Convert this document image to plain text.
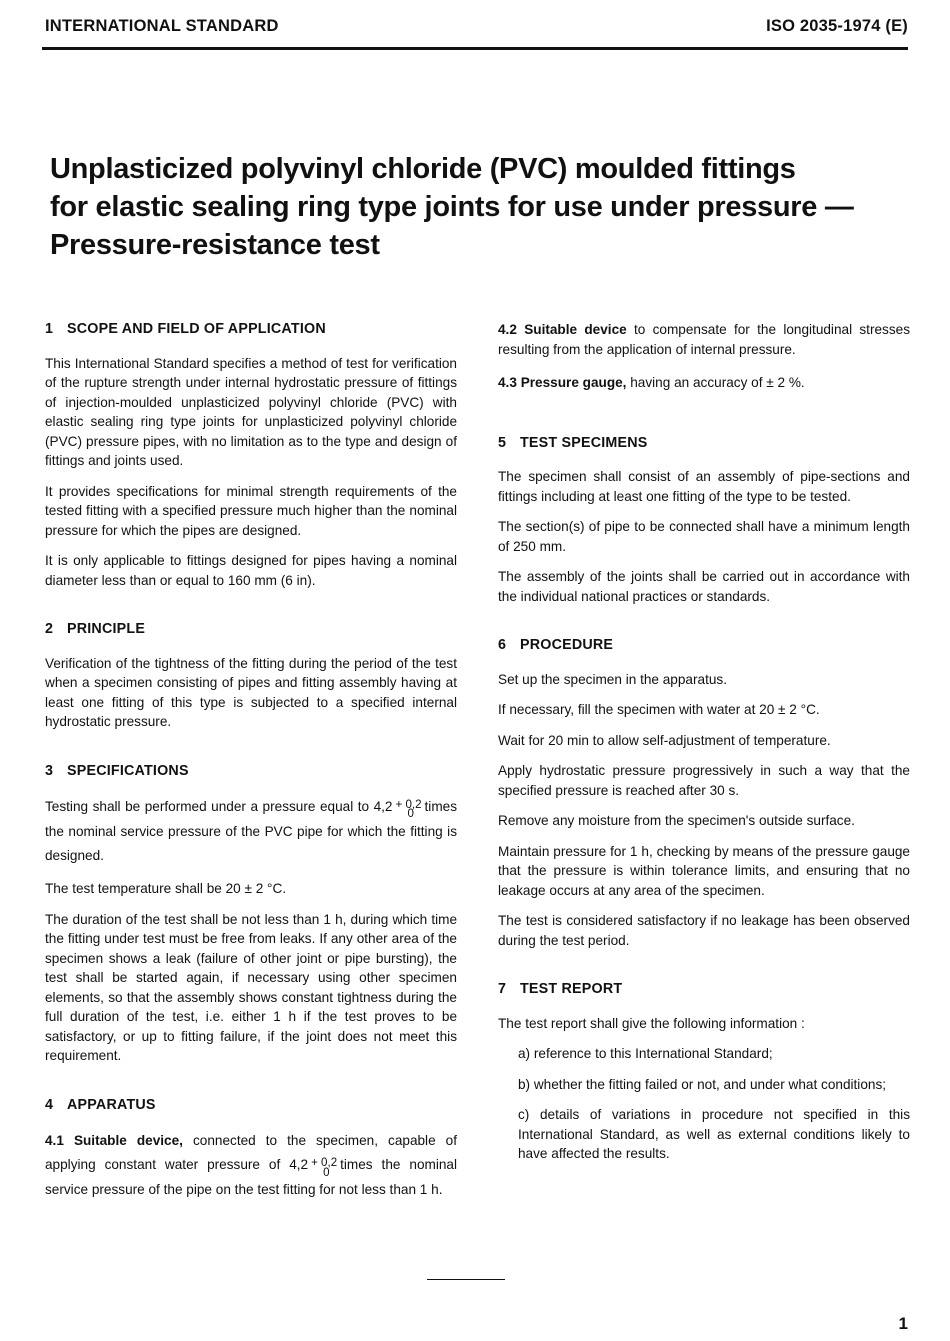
INTERNATIONAL STANDARD	ISO 2035-1974 (E)
Unplasticized polyvinyl chloride (PVC) moulded fittings
for elastic sealing ring type joints for use under pressure —
Pressure-resistance test
1 SCOPE AND FIELD OF APPLICATION

This International Standard specifies a method of test for verification of the rupture strength under internal hydrostatic pressure of fittings of injection-moulded unplasticized polyvinyl chloride (PVC) with elastic sealing ring type joints for unplasticized polyvinyl chloride (PVC) pressure pipes, with no limitation as to the type and design of fittings and joints used.

It provides specifications for minimal strength requirements of the tested fitting with a specified pressure much higher than the nominal pressure for which the pipes are designed.

It is only applicable to fittings designed for pipes having a nominal diameter less than or equal to 160 mm (6 in).

2 PRINCIPLE

Verification of the tightness of the fitting during the period of the test when a specimen consisting of pipes and fitting assembly having at least one fitting of this type is subjected to a specified internal hydrostatic pressure.

3 SPECIFICATIONS

Testing shall be performed under a pressure equal to 4,2 + 0,2
0
times the nominal service pressure of the PVC pipe for which the fitting is designed.

The test temperature shall be 20 ± 2 °C.

The duration of the test shall be not less than 1 h, during which time the fitting under test must be free from leaks. If any other area of the specimen shows a leak (failure of other joint or pipe bursting), the test shall be started again, if necessary using other specimen elements, so that the assembly shows constant tightness during the full duration of the test, i.e. either 1 h if the test proves to be satisfactory, or up to fitting failure, if the joint does not meet this requirement.

4 APPARATUS

4.1 Suitable device, connected to the specimen, capable of applying constant water pressure of 4,2 + 0,2
0
times the nominal service pressure of the pipe on the test fitting for not less than 1 h.

4.2 Suitable device to compensate for the longitudinal stresses resulting from the application of internal pressure.

4.3 Pressure gauge, having an accuracy of ± 2 %.

5 TEST SPECIMENS

The specimen shall consist of an assembly of pipe-sections and fittings including at least one fitting of the type to be tested.

The section(s) of pipe to be connected shall have a minimum length of 250 mm.

The assembly of the joints shall be carried out in accordance with the individual national practices or standards.

6 PROCEDURE

Set up the specimen in the apparatus.

If necessary, fill the specimen with water at 20 ± 2 °C.

Wait for 20 min to allow self-adjustment of temperature.

Apply hydrostatic pressure progressively in such a way that the specified pressure is reached after 30 s.

Remove any moisture from the specimen's outside surface.

Maintain pressure for 1 h, checking by means of the pressure gauge that the pressure is within tolerance limits, and ensuring that no leakage occurs at any area of the specimen.

The test is considered satisfactory if no leakage has been observed during the test period.

7 TEST REPORT

The test report shall give the following information :

a) reference to this International Standard;
b) whether the fitting failed or not, and under what conditions;
c) details of variations in procedure not specified in this International Standard, as well as external conditions likely to have affected the results.
1
